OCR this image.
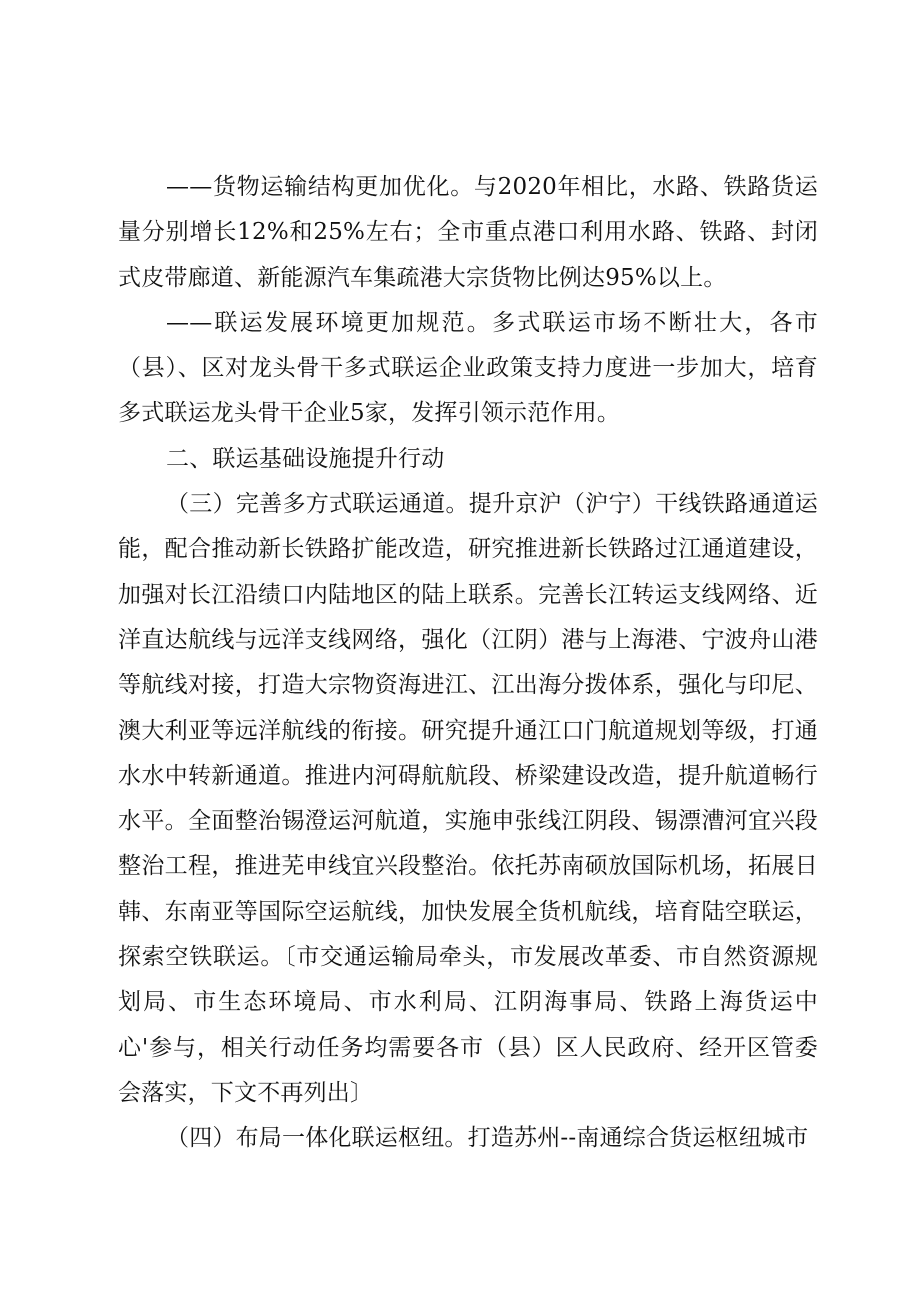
——货物运输结构更加优化。与2020年相比，水路、铁路货运量分别增长12%和25%左右；全市重点港口利用水路、铁路、封闭式皮带廊道、新能源汽车集疏港大宗货物比例达95%以上。

——联运发展环境更加规范。多式联运市场不断壮大，各市（县）、区对龙头骨干多式联运企业政策支持力度进一步加大，培育多式联运龙头骨干企业5家，发挥引领示范作用。

二、联运基础设施提升行动

（三）完善多方式联运通道。提升京沪（沪宁）干线铁路通道运能，配合推动新长铁路扩能改造，研究推进新长铁路过江通道建设，加强对长江沿绩口内陆地区的陆上联系。完善长江转运支线网络、近洋直达航线与远洋支线网络，强化（江阴）港与上海港、宁波舟山港等航线对接，打造大宗物资海进江、江出海分拨体系，强化与印尼、澳大利亚等远洋航线的衔接。研究提升通江口门航道规划等级，打通水水中转新通道。推进内河碍航航段、桥梁建设改造，提升航道畅行水平。全面整治锡澄运河航道，实施申张线江阴段、锡漂漕河宜兴段整治工程，推进芜申线宜兴段整治。依托苏南硕放国际机场，拓展日韩、东南亚等国际空运航线，加快发展全货机航线，培育陆空联运，探索空铁联运。〔市交通运输局牵头，市发展改革委、市自然资源规划局、市生态环境局、市水利局、江阴海事局、铁路上海货运中心'参与，相关行动任务均需要各市（县）区人民政府、经开区管委会落实，下文不再列出〕

（四）布局一体化联运枢纽。打造苏州--南通综合货运枢纽城市
